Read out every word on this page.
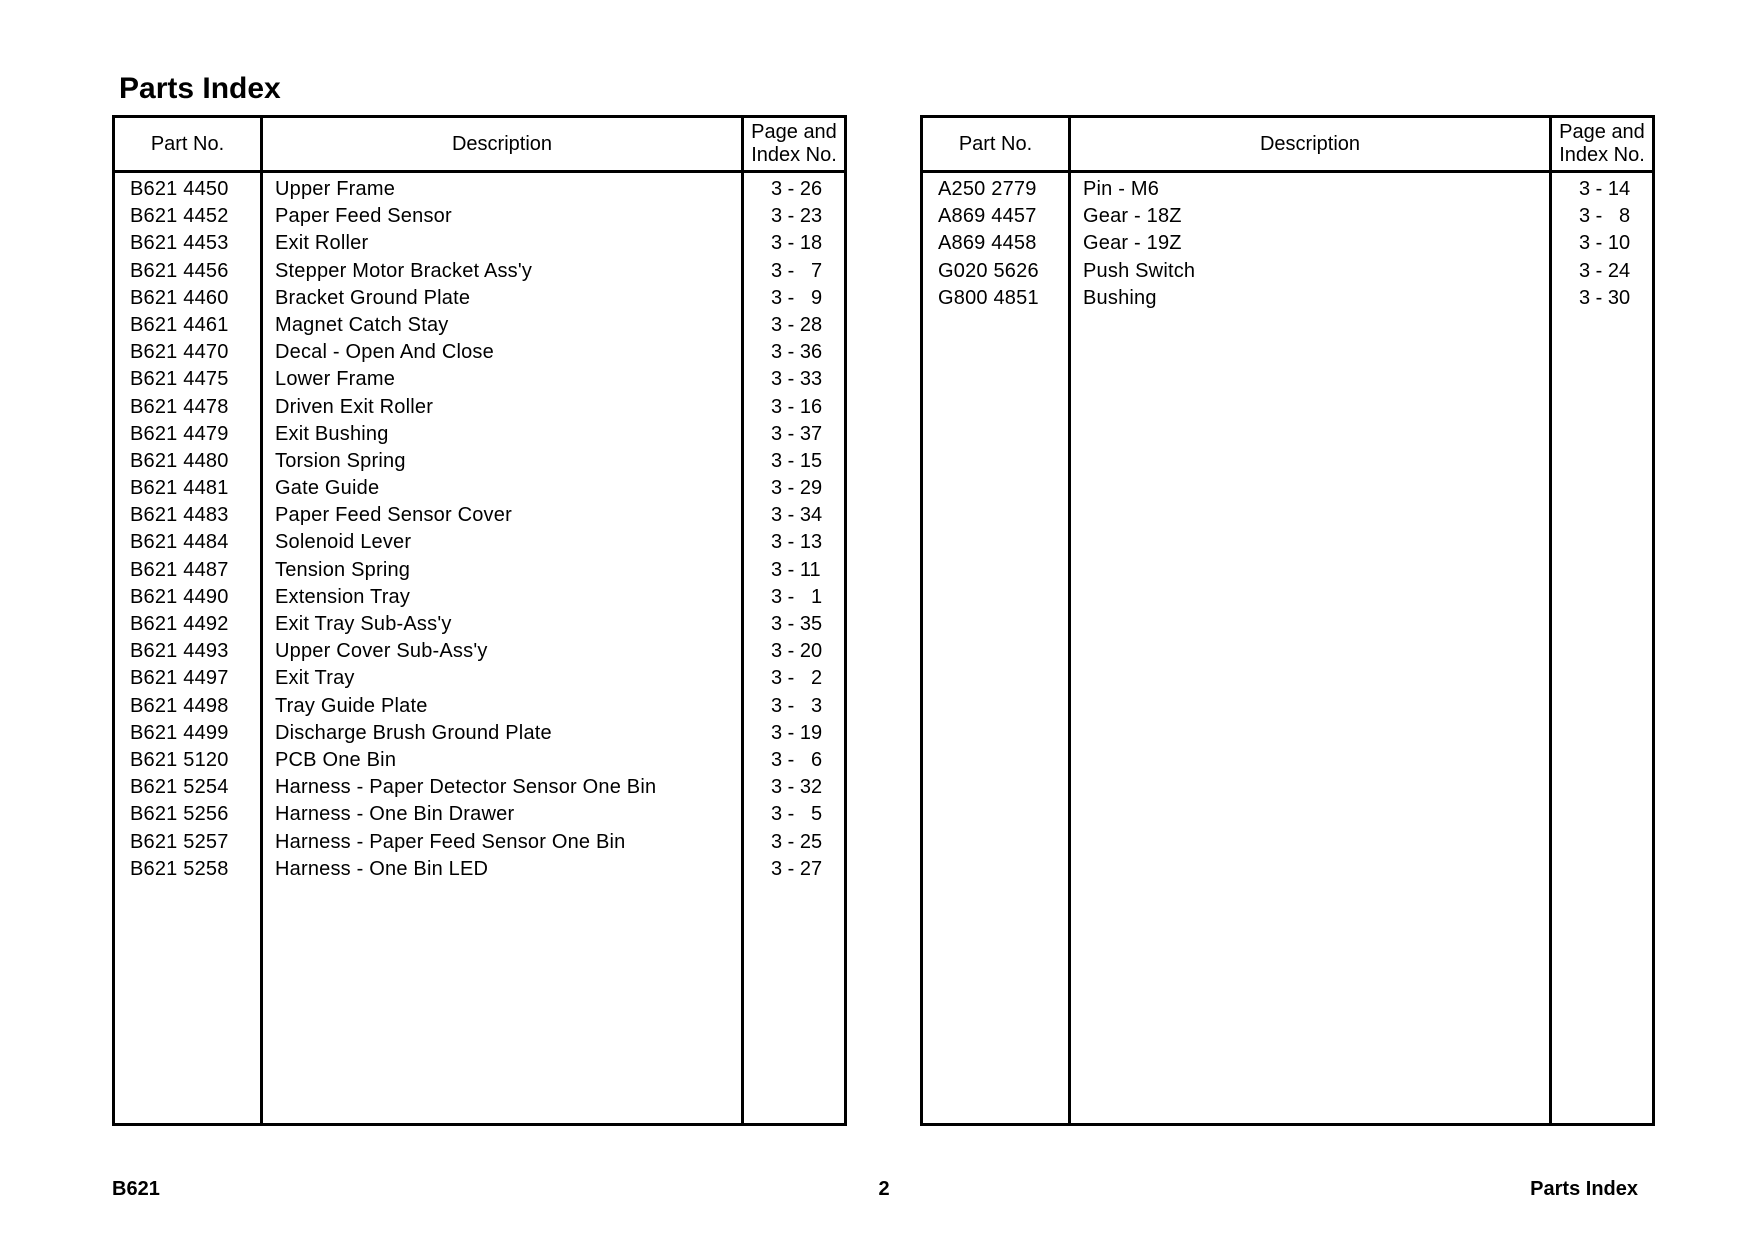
Parts Index
Part No.	Description
Page and
Index No.
B621 4450 Upper Frame	3 - 26
B621 4452 Paper Feed Sensor	3 - 23
B621 4453 Exit Roller	3 - 18
B621 4456 Stepper Motor Bracket Ass'y	3 -   7
B621 4460 Bracket Ground Plate	3 -   9
B621 4461 Magnet Catch Stay	3 - 28
B621 4470 Decal - Open And Close	3 - 36
B621 4475 Lower Frame	3 - 33
B621 4478 Driven Exit Roller	3 - 16
B621 4479 Exit Bushing	3 - 37
B621 4480 Torsion Spring	3 - 15
B621 4481 Gate Guide	3 - 29
B621 4483 Paper Feed Sensor Cover	3 - 34
B621 4484 Solenoid Lever	3 - 13
B621 4487 Tension Spring	3 - 11
B621 4490 Extension Tray	3 -   1
B621 4492 Exit Tray Sub-Ass'y	3 - 35
B621 4493 Upper Cover Sub-Ass'y	3 - 20
B621 4497 Exit Tray	3 -   2
B621 4498 Tray Guide Plate	3 -   3
B621 4499 Discharge Brush Ground Plate	3 - 19
B621 5120 PCB One Bin	3 -   6
B621 5254 Harness - Paper Detector Sensor One Bin	3 - 32
B621 5256 Harness - One Bin Drawer	3 -   5
B621 5257 Harness - Paper Feed Sensor One Bin	3 - 25
B621 5258 Harness - One Bin LED	3 - 27
Part No.	Description
Page and
Index No.
A250 2779 Pin - M6	3 - 14
A869 4457 Gear - 18Z	3 -   8
A869 4458 Gear - 19Z	3 - 10
G020 5626 Push Switch	3 - 24
G800 4851 Bushing	3 - 30
B621	2	Parts Index
